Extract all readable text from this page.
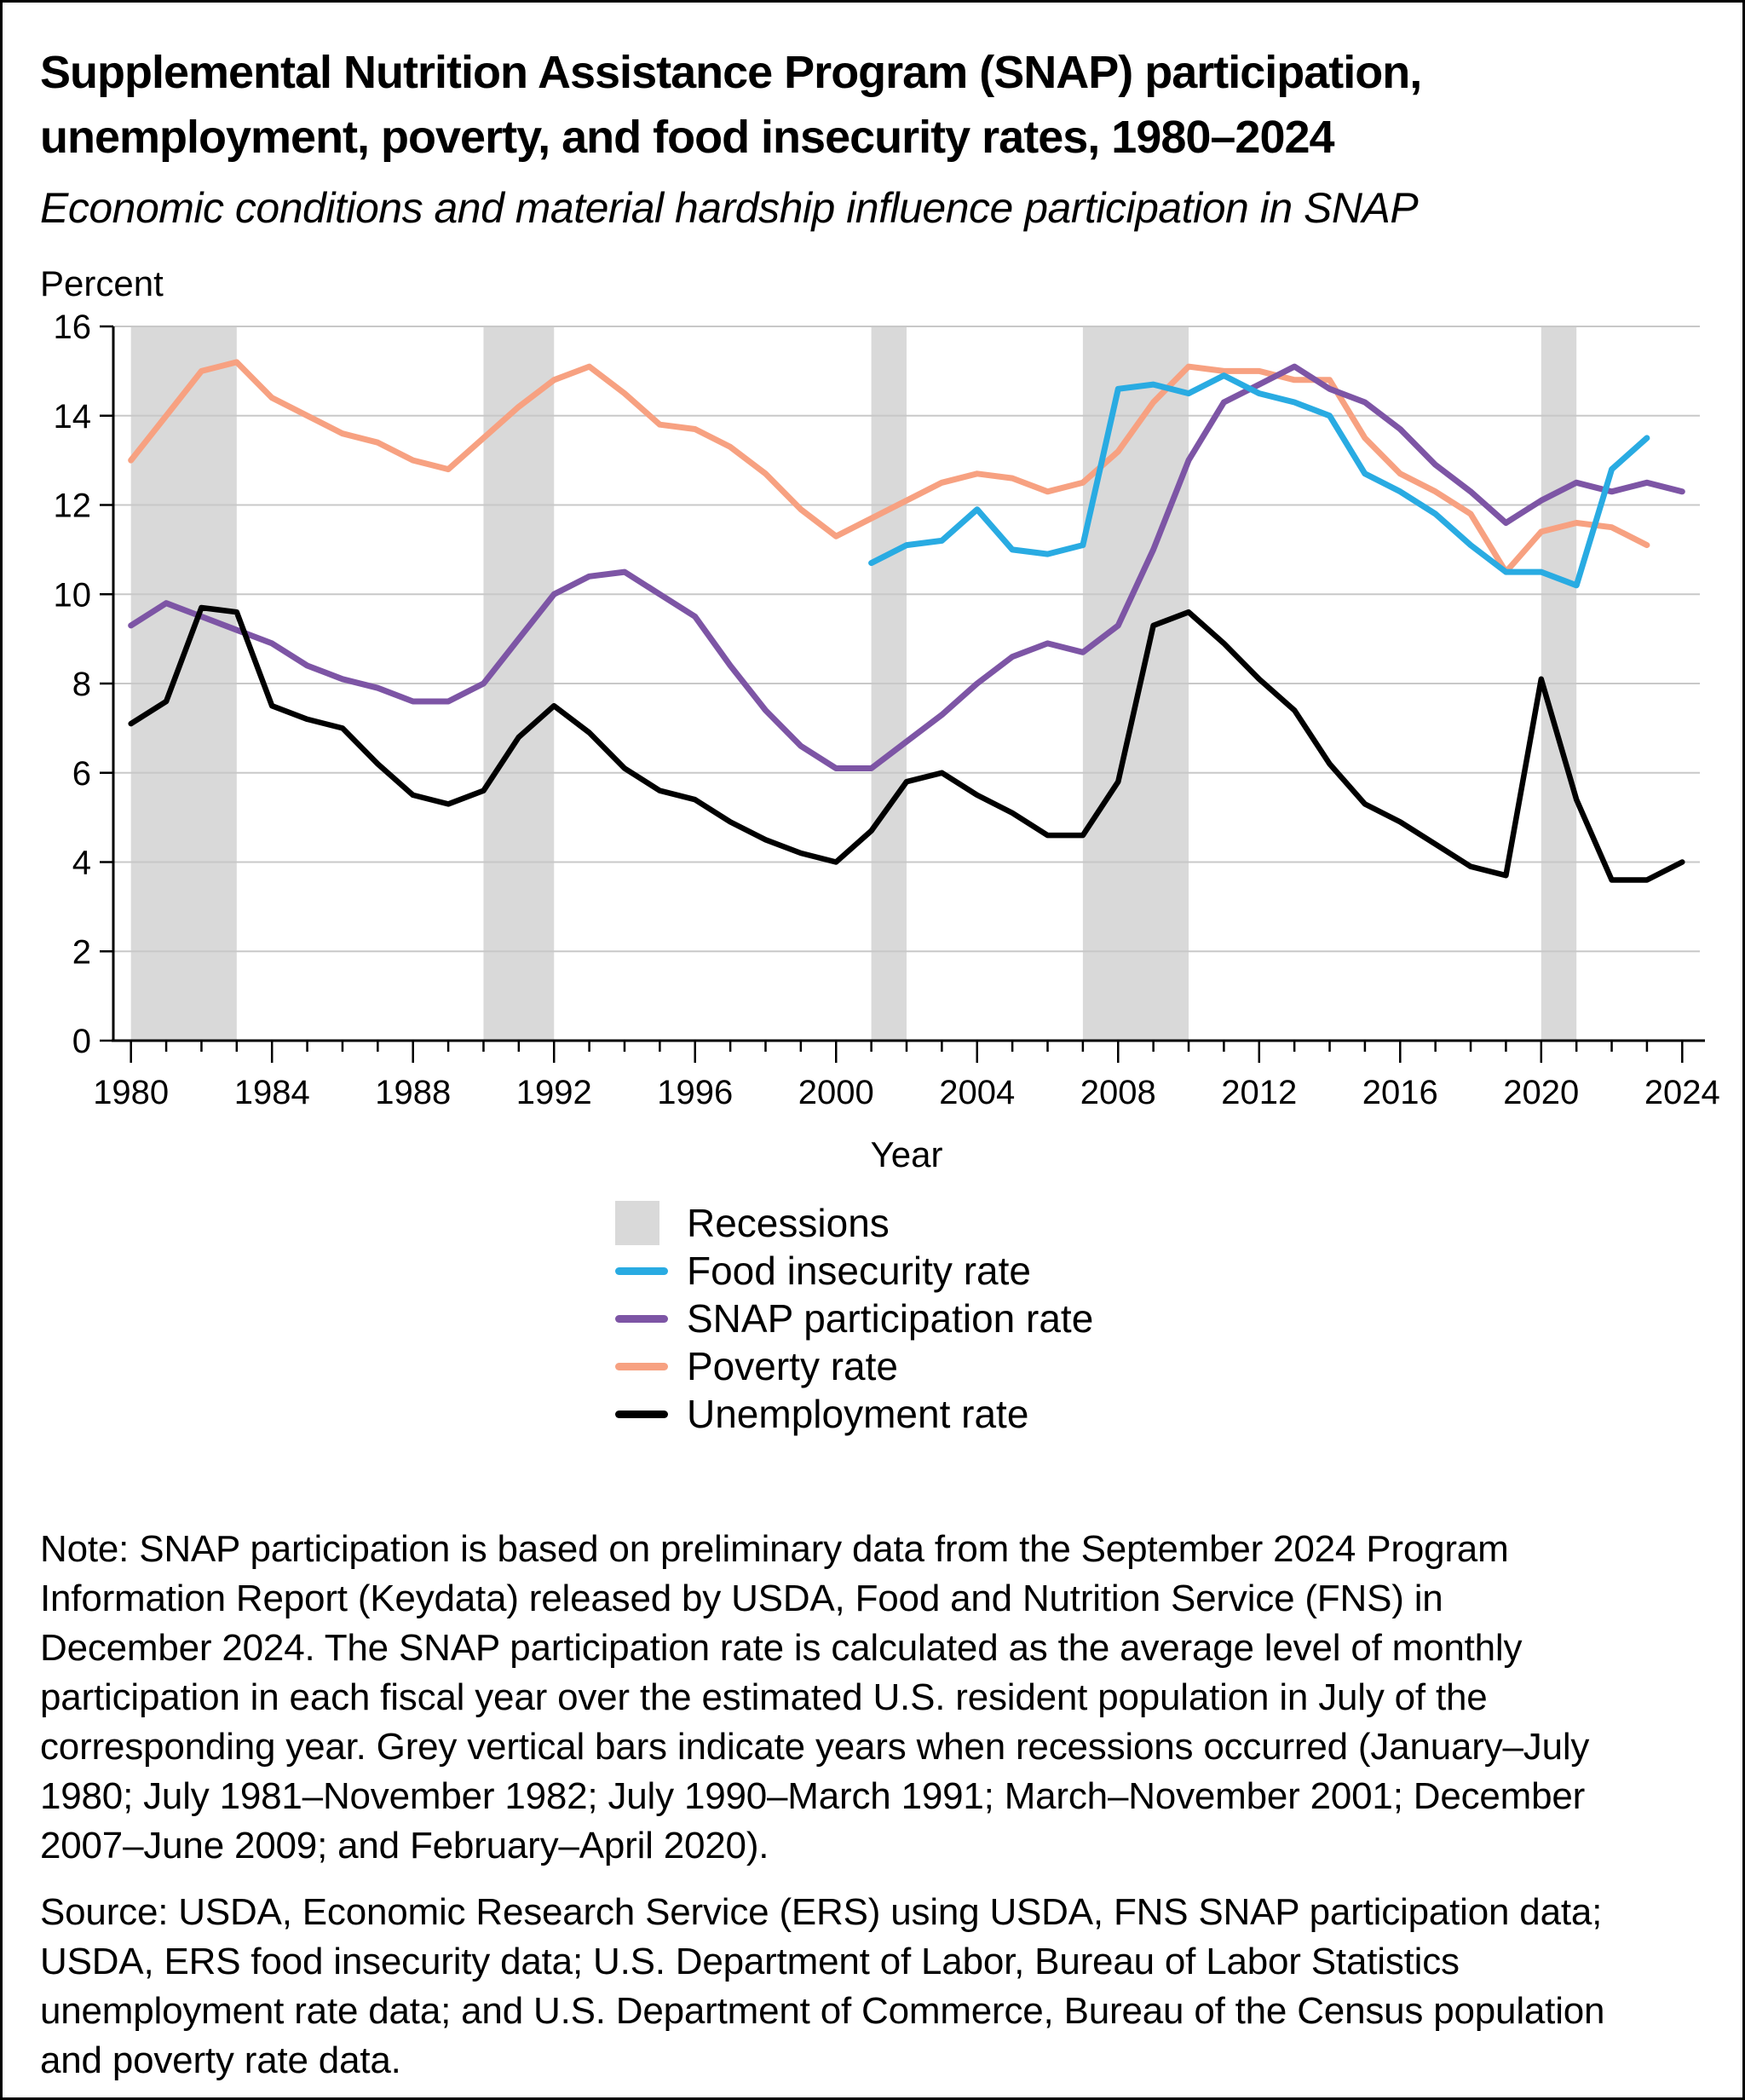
Supplemental Nutrition Assistance Program (SNAP) participation, unemployment, poverty, and food insecurity rates, 1980–2024
Economic conditions and material hardship influence participation in SNAP
0
2
4
6
8
10
12
14
16
1980 1984 1988 1992 1996 2000 2004 2008 2012 2016 2020 2024
Percent
Year
Recessions
Food insecurity rate
SNAP participation rate
Poverty rate
Unemployment rate

Note: SNAP participation is based on preliminary data from the September 2024 Program Information Report (Keydata) released by USDA, Food and Nutrition Service (FNS) in December 2024. The SNAP participation rate is calculated as the average level of monthly participation in each fiscal year over the estimated U.S. resident population in July of the corresponding year. Grey vertical bars indicate years when recessions occurred (January–July 1980; July 1981–November 1982; July 1990–March 1991; March–November 2001; December 2007–June 2009; and February–April 2020).

Source: USDA, Economic Research Service (ERS) using USDA, FNS SNAP participation data; USDA, ERS food insecurity data; U.S. Department of Labor, Bureau of Labor Statistics unemployment rate data; and U.S. Department of Commerce, Bureau of the Census population and poverty rate data.
